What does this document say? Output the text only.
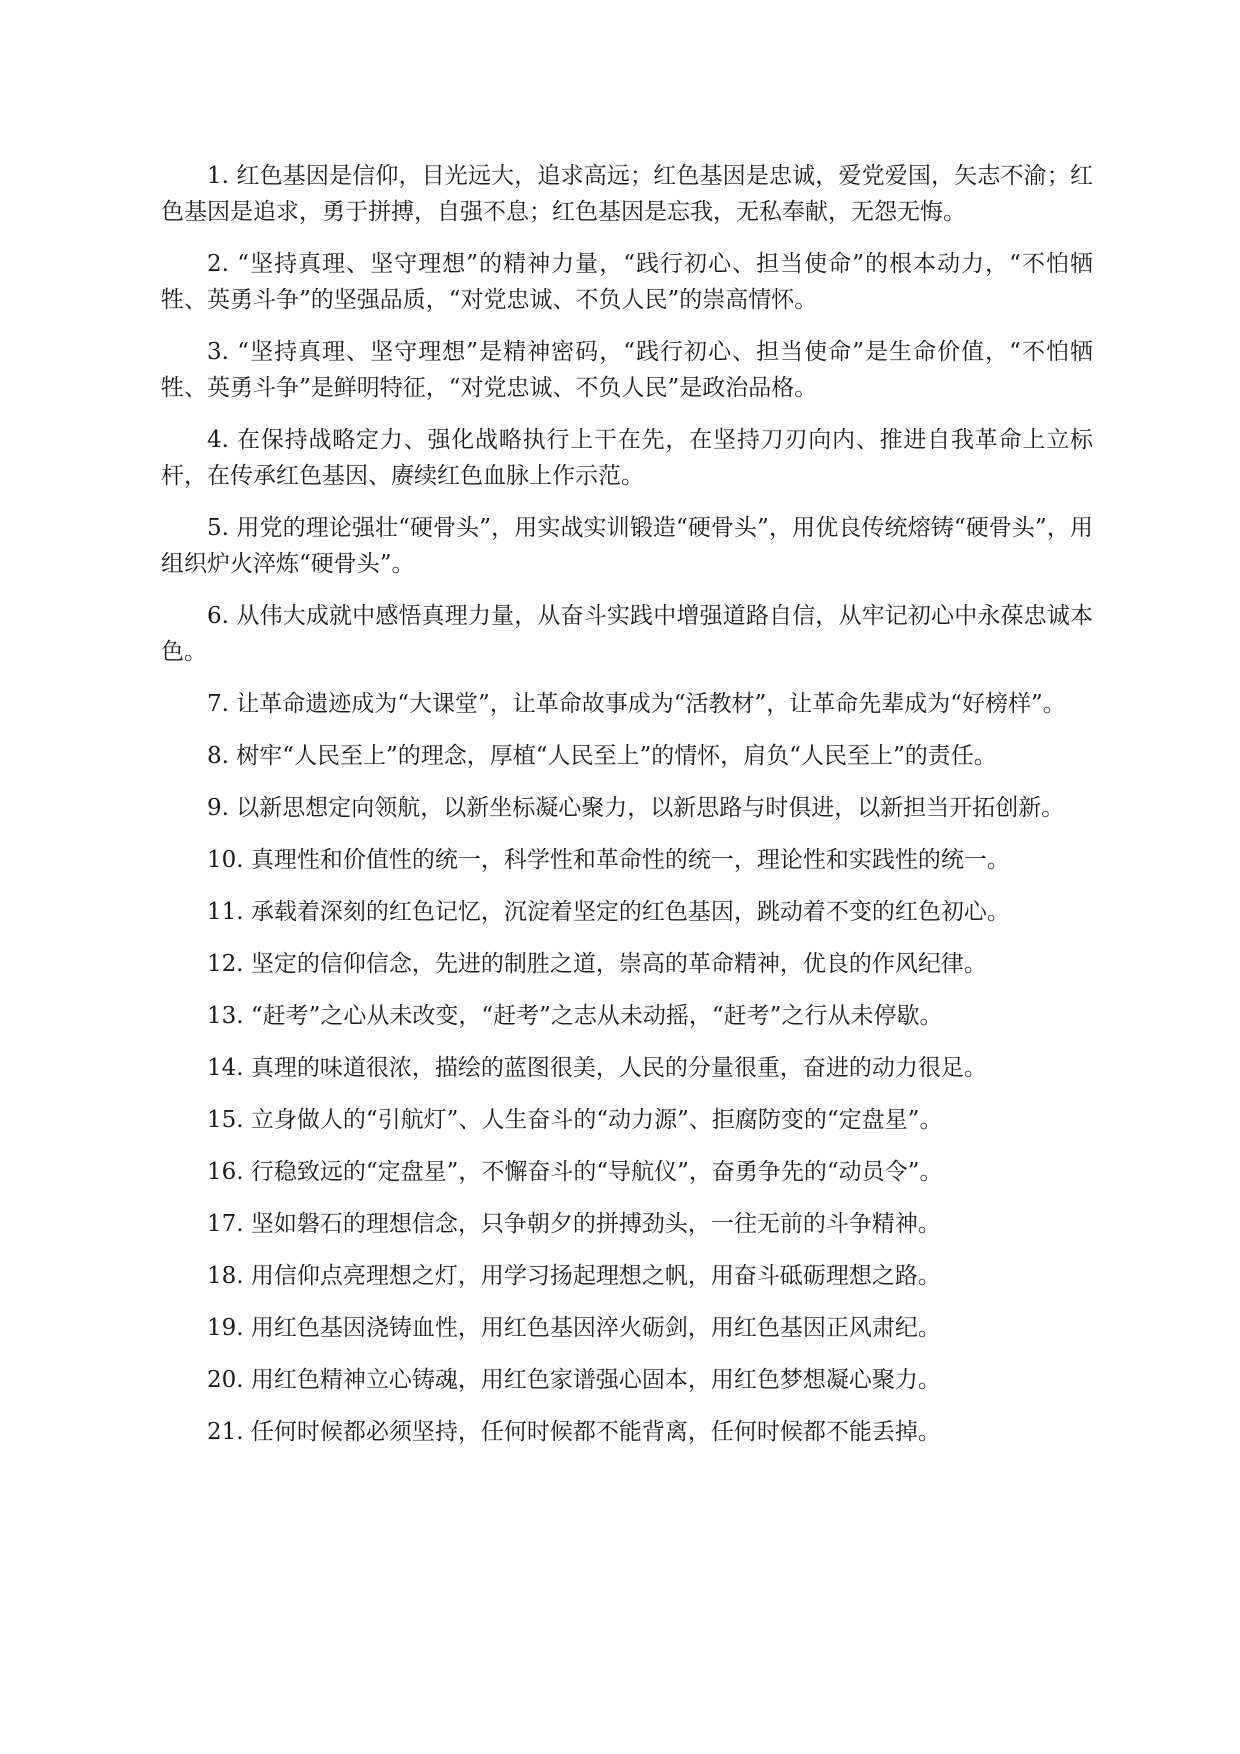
1. 红色基因是信仰，目光远大，追求高远；红色基因是忠诚，爱党爱国，矢志不渝；红色基因是追求，勇于拼搏，自强不息；红色基因是忘我，无私奉献，无怨无悔。

2. “坚持真理、坚守理想”的精神力量，“践行初心、担当使命”的根本动力，“不怕牺牲、英勇斗争”的坚强品质，“对党忠诚、不负人民”的崇高情怀。

3. “坚持真理、坚守理想”是精神密码，“践行初心、担当使命”是生命价值，“不怕牺牲、英勇斗争”是鲜明特征，“对党忠诚、不负人民”是政治品格。

4. 在保持战略定力、强化战略执行上干在先，在坚持刀刃向内、推进自我革命上立标杆，在传承红色基因、赓续红色血脉上作示范。

5. 用党的理论强壮“硬骨头”，用实战实训锻造“硬骨头”，用优良传统熔铸“硬骨头”，用组织炉火淬炼“硬骨头”。

6. 从伟大成就中感悟真理力量，从奋斗实践中增强道路自信，从牢记初心中永葆忠诚本色。

7. 让革命遗迹成为“大课堂”，让革命故事成为“活教材”，让革命先辈成为“好榜样”。

8. 树牢“人民至上”的理念，厚植“人民至上”的情怀，肩负“人民至上”的责任。

9. 以新思想定向领航，以新坐标凝心聚力，以新思路与时俱进，以新担当开拓创新。

10. 真理性和价值性的统一，科学性和革命性的统一，理论性和实践性的统一。

11. 承载着深刻的红色记忆，沉淀着坚定的红色基因，跳动着不变的红色初心。

12. 坚定的信仰信念，先进的制胜之道，崇高的革命精神，优良的作风纪律。

13. “赶考”之心从未改变，“赶考”之志从未动摇，“赶考”之行从未停歇。

14. 真理的味道很浓，描绘的蓝图很美，人民的分量很重，奋进的动力很足。

15. 立身做人的“引航灯”、人生奋斗的“动力源”、拒腐防变的“定盘星”。

16. 行稳致远的“定盘星”，不懈奋斗的“导航仪”，奋勇争先的“动员令”。

17. 坚如磐石的理想信念，只争朝夕的拼搏劲头，一往无前的斗争精神。

18. 用信仰点亮理想之灯，用学习扬起理想之帆，用奋斗砥砺理想之路。

19. 用红色基因浇铸血性，用红色基因淬火砺剑，用红色基因正风肃纪。

20. 用红色精神立心铸魂，用红色家谱强心固本，用红色梦想凝心聚力。

21. 任何时候都必须坚持，任何时候都不能背离，任何时候都不能丢掉。
